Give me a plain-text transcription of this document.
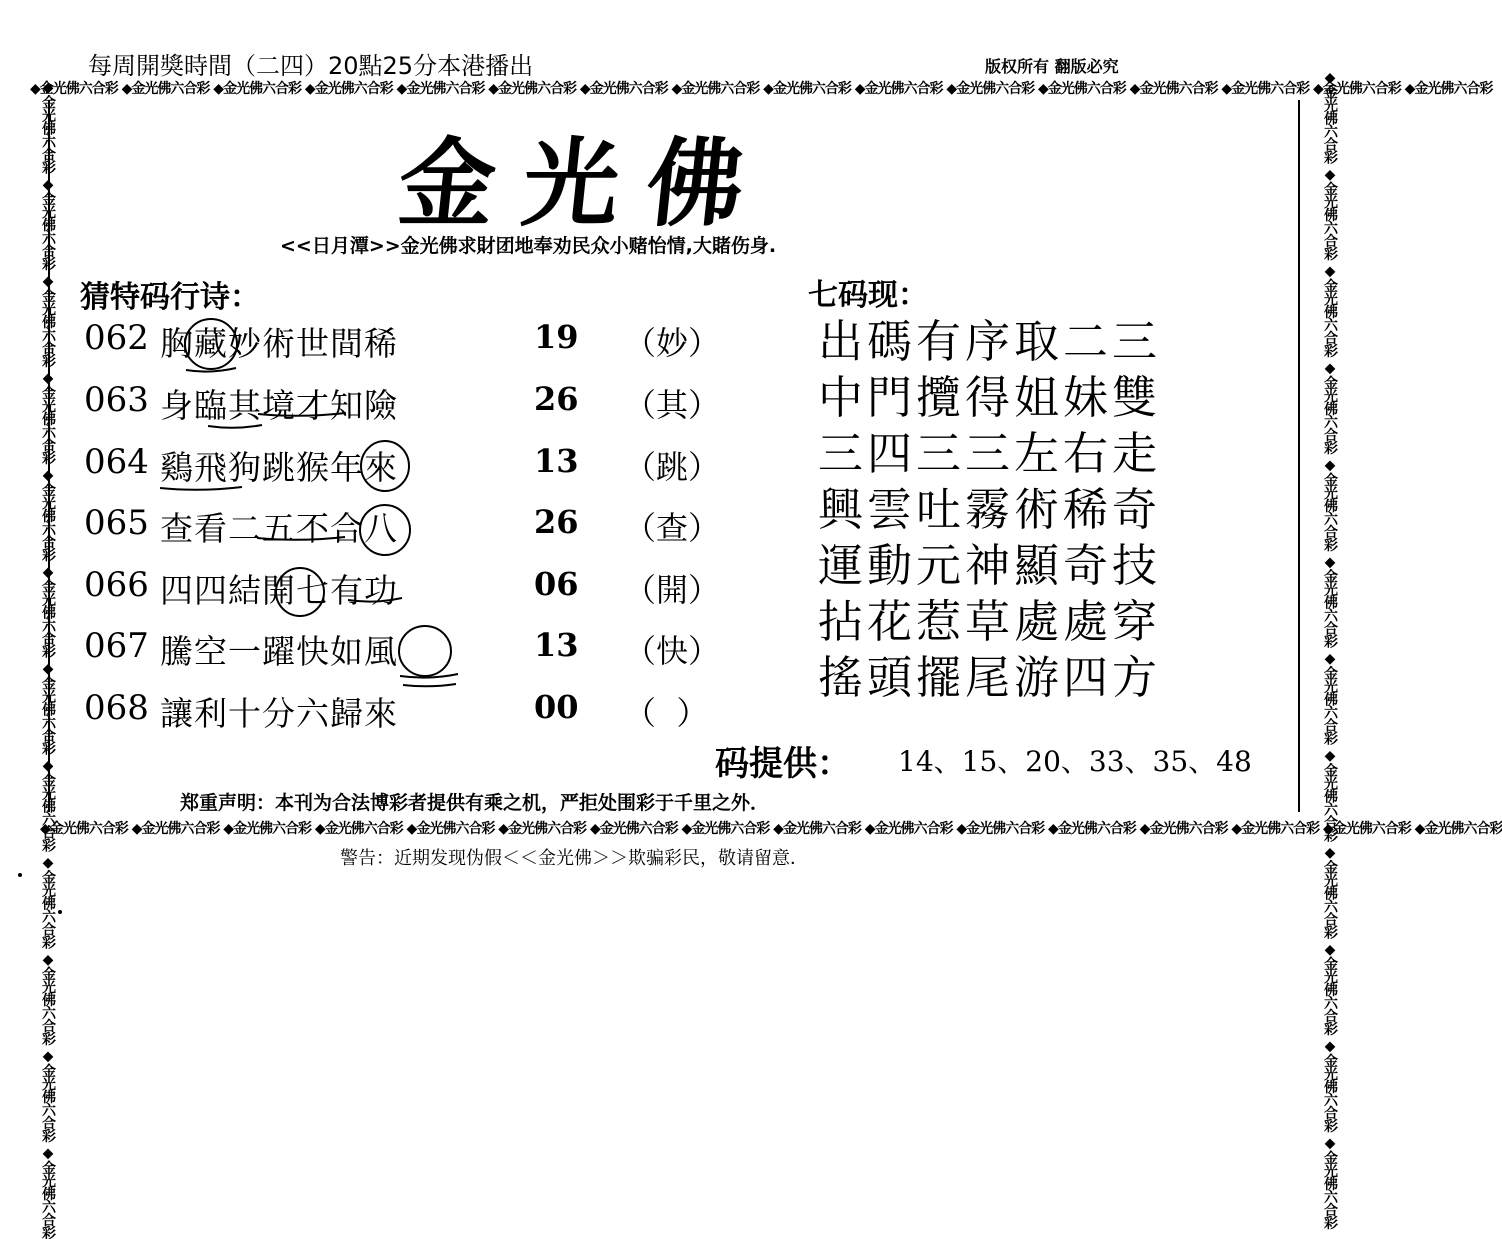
每周開獎時間（二四）20點25分本港播出	版权所有 翻版必究
◆金光佛六合彩 ◆金光佛六合彩 ◆金光佛六合彩 ◆金光佛六合彩 ◆金光佛六合彩 ◆金光佛六合彩 ◆金光佛六合彩 ◆金光佛六合彩 ◆金光佛六合彩 ◆金光佛六合彩 ◆金光佛六合彩 ◆金光佛六合彩 ◆金光佛六合彩 ◆金光佛六合彩 ◆金光佛六合彩 ◆金光佛六合彩
◆金光佛六合彩 ◆金光佛六合彩 ◆金光佛六合彩 ◆金光佛六合彩 ◆金光佛六合彩 ◆金光佛六合彩 ◆金光佛六合彩 ◆金光佛六合彩 ◆金光佛六合彩 ◆金光佛六合彩 ◆金光佛六合彩 ◆金光佛六合彩 ◆金光佛六合彩 ◆金光佛六合彩 ◆金光佛六合彩 ◆金光佛六合彩
◆金光佛六合彩 ◆金光佛六合彩 ◆金光佛六合彩 ◆金光佛六合彩 ◆金光佛六合彩 ◆金光佛六合彩 ◆金光佛六合彩 ◆金光佛六合彩 ◆金光佛六合彩 ◆金光佛六合彩 ◆金光佛六合彩 ◆金光佛六合彩	◆金光佛六合彩 ◆金光佛六合彩 ◆金光佛六合彩 ◆金光佛六合彩 ◆金光佛六合彩 ◆金光佛六合彩 ◆金光佛六合彩 ◆金光佛六合彩 ◆金光佛六合彩 ◆金光佛六合彩 ◆金光佛六合彩 ◆金光佛六合彩
金光佛
<<日月潭>>金光佛求財团地奉劝民众小赌怡情,大賭伤身.
猜特码行诗：
062 胸藏妙術世間稀	19 （妙）
063 身臨其境才知險	26 （其）
064 鷄飛狗跳猴年來	13 （跳）
065 查看二五不合八	26 （查）
066 四四結開七有功	06 （開）
067 騰空一躍快如風	13 （快）
068 讓利十分六歸來	00 （  ）
七码现：
出碼有序取二三
中門攬得姐妹雙
三四三三左右走
興雲吐霧術稀奇
運動元神顯奇技
拈花惹草處處穿
搖頭擺尾游四方
码提供： 14、15、20、33、35、48
郑重声明：本刊为合法博彩者提供有乘之机，严拒处围彩于千里之外．
警告：近期发现伪假＜＜金光佛＞＞欺骗彩民，敬请留意．
